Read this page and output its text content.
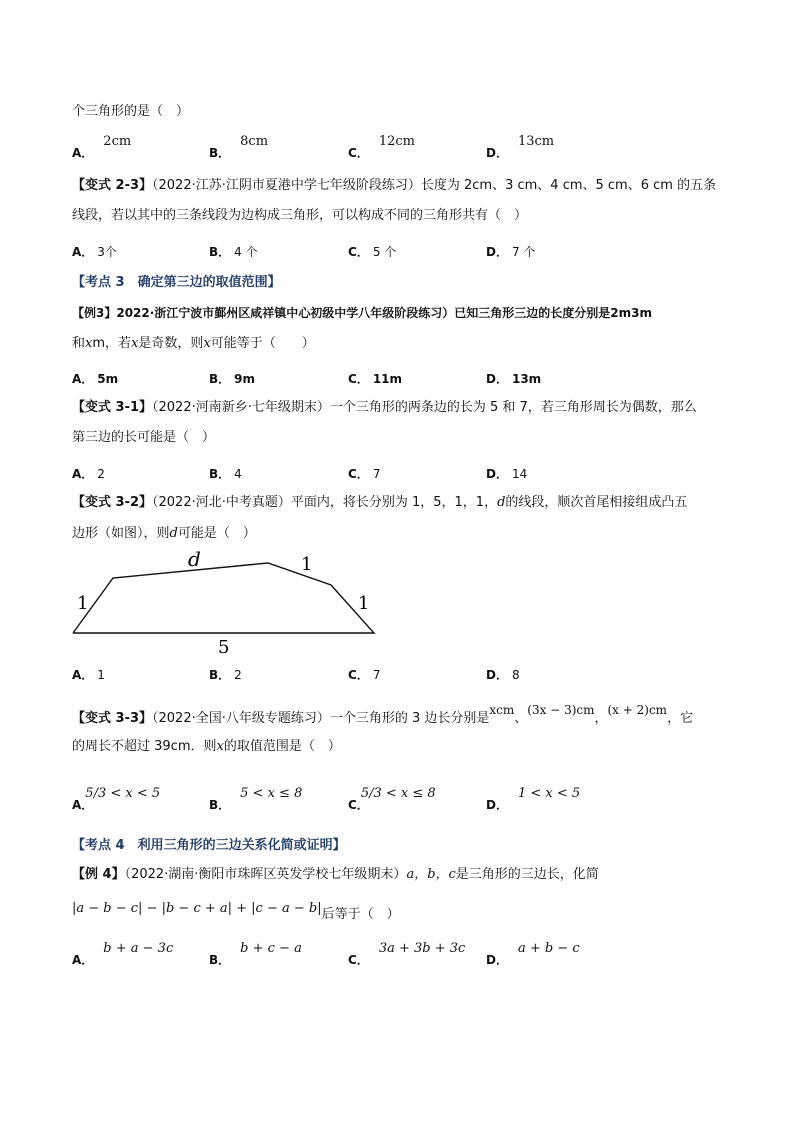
个三角形的是（　）
A．2cm
B．8cm
C．12cm
D．13cm
【变式 2-3】（2022·江苏·江阴市夏港中学七年级阶段练习）长度为 2cm、3 cm、4 cm、5 cm、6 cm 的五条
线段，若以其中的三条线段为边构成三角形，可以构成不同的三角形共有（　）
A． 3个	B． 4 个	C． 5 个	D． 7 个
【考点 3　确定第三边的取值范围】
【例3】2022·浙江宁波市鄞州区咸祥镇中心初级中学八年级阶段练习）已知三角形三边的长度分别是2m3m
和xm，若x是奇数，则x可能等于（　　）
A． 5m	B． 9m	C． 11m	D． 13m
【变式 3-1】（2022·河南新乡·七年级期末）一个三角形的两条边的长为 5 和 7，若三角形周长为偶数，那么
第三边的长可能是（　）
A． 2	B． 4	C． 7	D． 14
【变式 3-2】（2022·河北·中考真题）平面内，将长分别为 1，5，1，1，d的线段，顺次首尾相接组成凸五
边形（如图），则d可能是（　）
d	1
1	1
5
A． 1	B． 2	C． 7	D． 8
【变式 3-3】（2022·全国·八年级专题练习）一个三角形的 3 边长分别是xcm、(3x − 3)cm，(x + 2)cm，它
的周长不超过 39cm．则x的取值范围是（　）
A．5/3 < x < 5
B．5 < x ≤ 8
C．5/3 < x ≤ 8
D．1 < x < 5
【考点 4　利用三角形的三边关系化简或证明】
【例 4】（2022·湖南·衡阳市珠晖区英发学校七年级期末）a，b，c是三角形的三边长，化简
|a − b − c| − |b − c + a| + |c − a − b|后等于（　）
A．b + a − 3c
B．b + c − a
C．3a + 3b + 3c
D．a + b − c
